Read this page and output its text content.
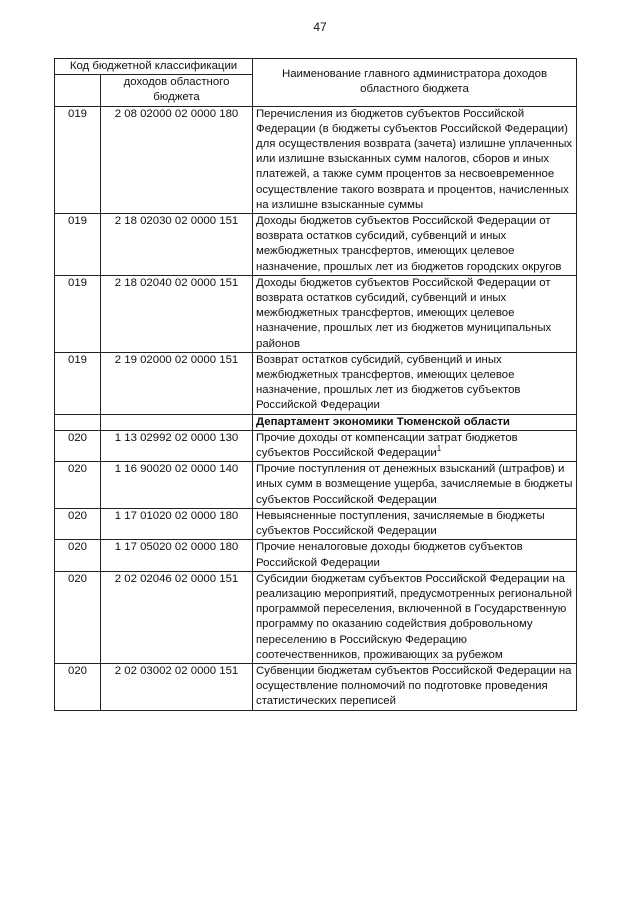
47
Код бюджетной классификации		Наименование главного администратора доходов областного бюджета
	доходов областного бюджета	
019	2 08 02000 02 0000 180	Перечисления из бюджетов субъектов Российской Федерации (в бюджеты субъектов Российской Федерации) для осуществления возврата (зачета) излишне уплаченных или излишне взысканных сумм налогов, сборов и иных платежей, а также сумм процентов за несвоевременное осуществление такого возврата и процентов, начисленных на излишне взысканные суммы
019	2 18 02030 02 0000 151	Доходы бюджетов субъектов Российской Федерации от возврата остатков субсидий, субвенций и иных межбюджетных трансфертов, имеющих целевое назначение, прошлых лет из бюджетов городских округов
019	2 18 02040 02 0000 151	Доходы бюджетов субъектов Российской Федерации от возврата остатков субсидий, субвенций и иных межбюджетных трансфертов, имеющих целевое назначение, прошлых лет из бюджетов муниципальных районов
019	2 19 02000 02 0000 151	Возврат остатков субсидий, субвенций и иных межбюджетных трансфертов, имеющих целевое назначение, прошлых лет из бюджетов субъектов Российской Федерации
		Департамент экономики Тюменской области
020	1 13 02992 02 0000 130	Прочие доходы от компенсации затрат бюджетов субъектов Российской Федерации$^1$
020	1 16 90020 02 0000 140	Прочие поступления от денежных взысканий (штрафов) и иных сумм в возмещение ущерба, зачисляемые в бюджеты субъектов Российской Федерации
020	1 17 01020 02 0000 180	Невыясненные поступления, зачисляемые в бюджеты субъектов Российской Федерации
020	1 17 05020 02 0000 180	Прочие неналоговые доходы бюджетов субъектов Российской Федерации
020	2 02 02046 02 0000 151	Субсидии бюджетам субъектов Российской Федерации на реализацию мероприятий, предусмотренных региональной программой переселения, включенной в Государственную программу по оказанию содействия добровольному переселению в Российскую Федерацию соотечественников, проживающих за рубежом
020	2 02 03002 02 0000 151	Субвенции бюджетам субъектов Российской Федерации на осуществление полномочий по подготовке проведения статистических переписей
